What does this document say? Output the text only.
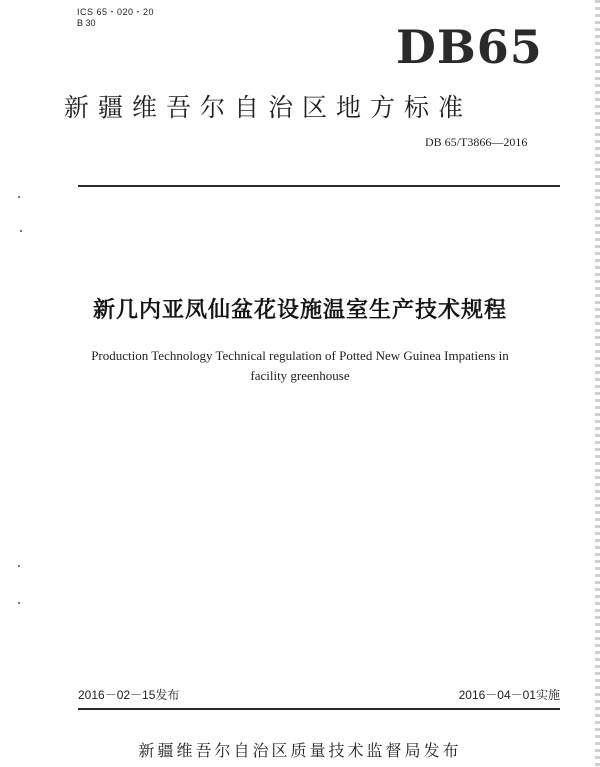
ICS 65・020・20
B 30	DB65
新疆维吾尔自治区地方标准
DB 65/T3866—2016
新几内亚凤仙盆花设施温室生产技术规程
Production Technology Technical regulation of Potted New Guinea Impatiens in
facility greenhouse
2016－02－15发布	2016－04－01实施
新疆维吾尔自治区质量技术监督局发布
